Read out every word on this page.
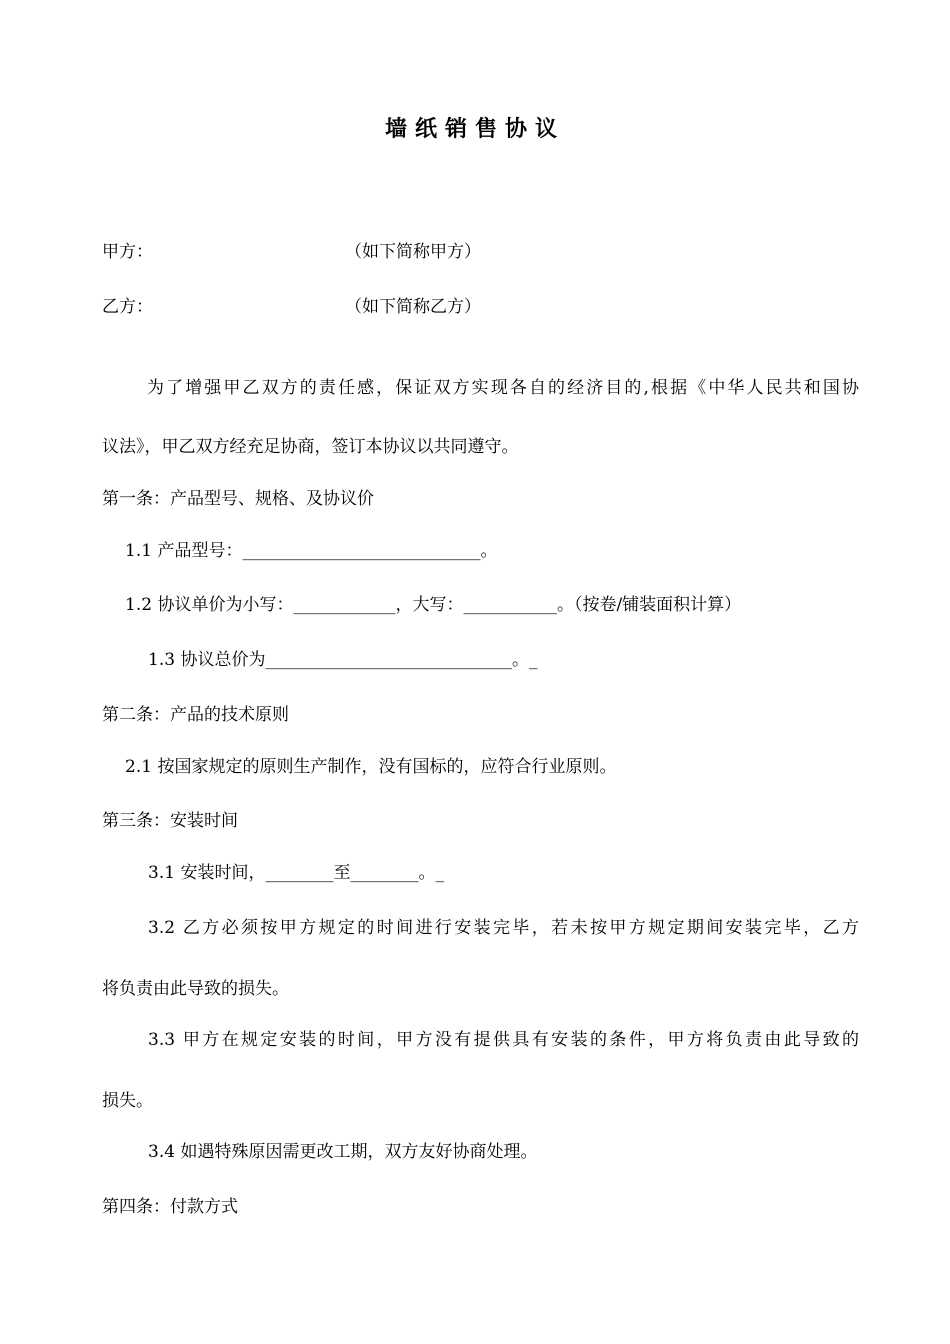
墙纸销售协议
甲方：	（如下简称甲方）
乙方：	（如下简称乙方）
为了增强甲乙双方的责任感，保证双方实现各自的经济目的,根据《中华人民共和国协
议法》，甲乙双方经充足协商，签订本协议以共同遵守。
第一条：产品型号、规格、及协议价
1.1 产品型号：____________________________。
1.2 协议单价为小写：____________，大写：___________。（按卷/铺装面积计算）
1.3 协议总价为_____________________________。_
第二条：产品的技术原则
2.1 按国家规定的原则生产制作，没有国标的，应符合行业原则。
第三条：安装时间
3.1 安装时间，________至________。_
3.2 乙方必须按甲方规定的时间进行安装完毕，若未按甲方规定期间安装完毕，乙方
将负责由此导致的损失。
3.3 甲方在规定安装的时间，甲方没有提供具有安装的条件，甲方将负责由此导致的
损失。
3.4 如遇特殊原因需更改工期，双方友好协商处理。
第四条：付款方式
